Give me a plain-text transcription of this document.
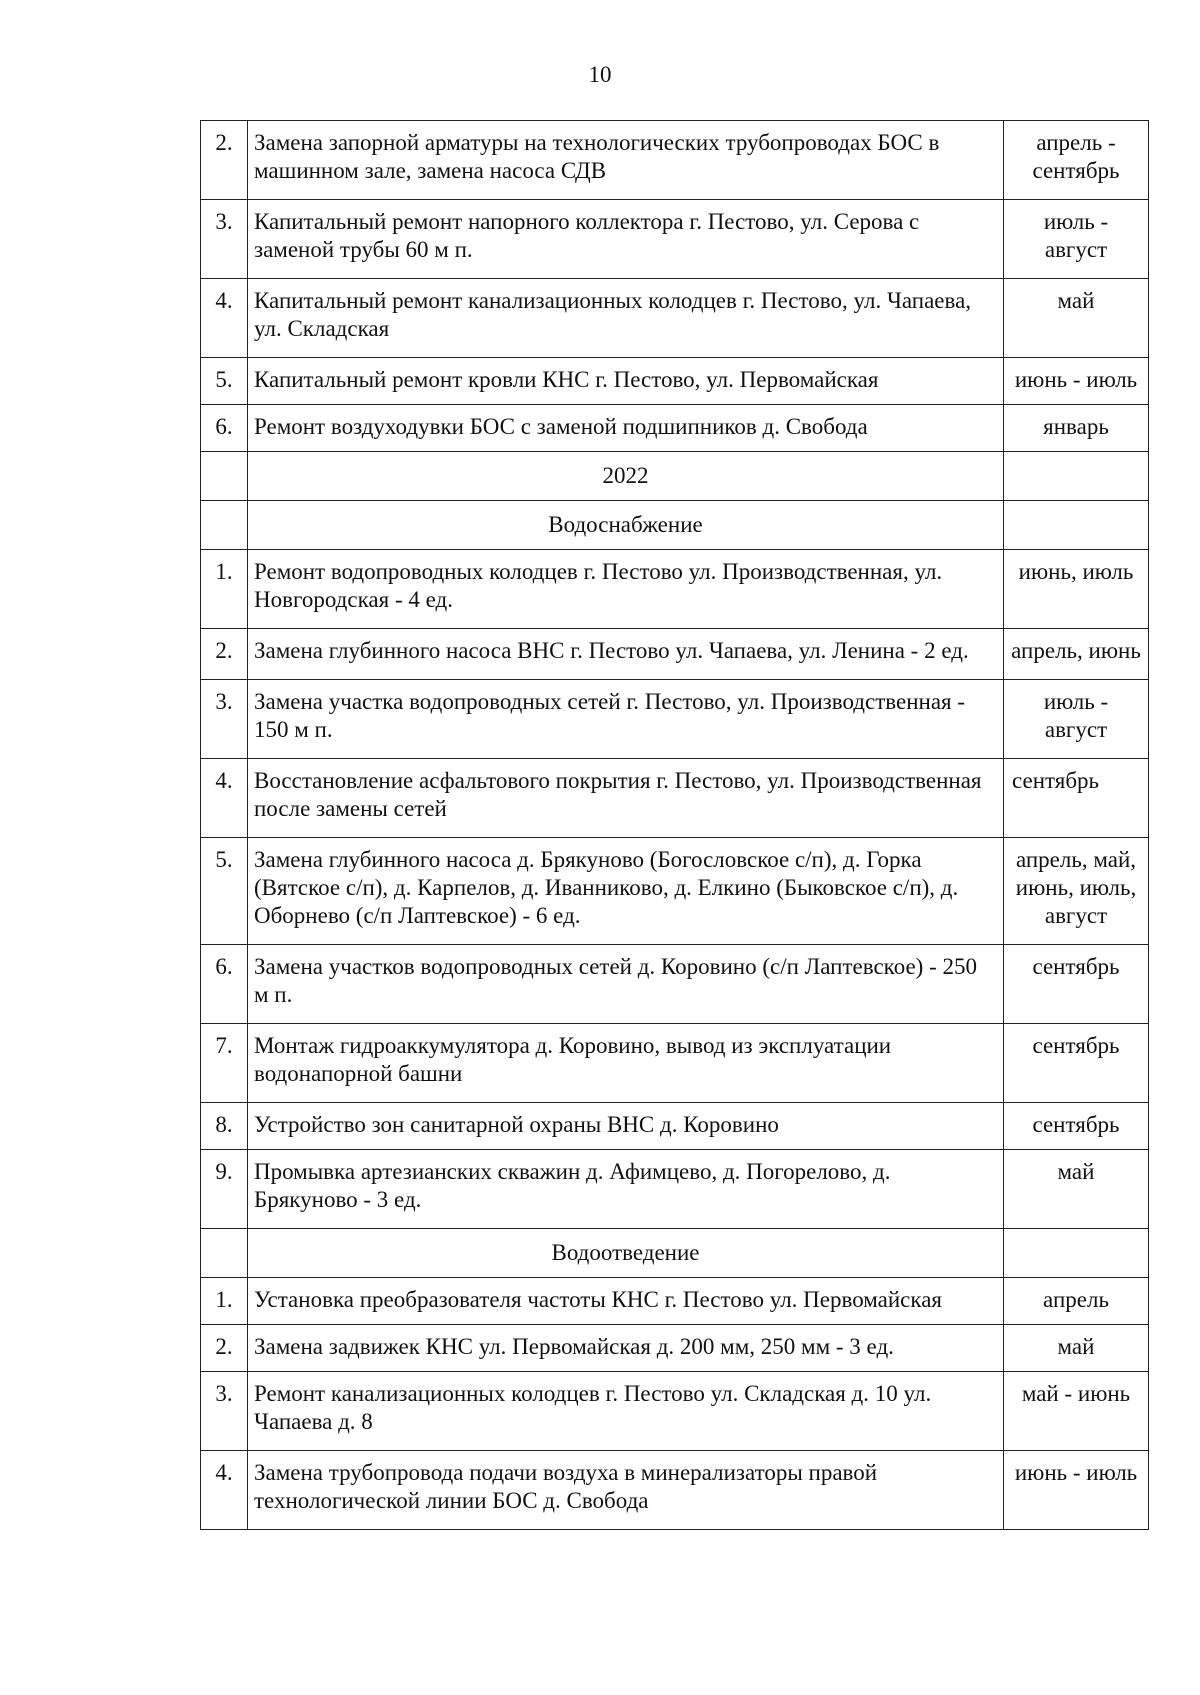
10
2.	Замена запорной арматуры на технологических трубопроводах БОС в машинном зале, замена насоса СДВ	апрель - сентябрь
3.	Капитальный ремонт напорного коллектора г. Пестово, ул. Серова с заменой трубы 60 м п.	июль - август
4.	Капитальный ремонт канализационных колодцев г. Пестово, ул. Чапаева, ул. Складская	май
5.	Капитальный ремонт кровли КНС г. Пестово, ул. Первомайская	июнь - июль
6.	Ремонт воздуходувки БОС с заменой подшипников д. Свобода	январь
	2022	
	Водоснабжение	
1.	Ремонт водопроводных колодцев г. Пестово ул. Производственная, ул. Новгородская - 4 ед.	июнь, июль
2.	Замена глубинного насоса ВНС г. Пестово ул. Чапаева, ул. Ленина - 2 ед.	апрель, июнь
3.	Замена участка водопроводных сетей г. Пестово, ул. Производственная - 150 м п.	июль - август
4.	Восстановление асфальтового покрытия г. Пестово, ул. Производственная после замены сетей	сентябрь
5.	Замена глубинного насоса д. Брякуново (Богословское с/п), д. Горка (Вятское с/п), д. Карпелов, д. Иванниково, д. Елкино (Быковское с/п), д. Оборнево (с/п Лаптевское) - 6 ед.	апрель, май, июнь, июль, август
6.	Замена участков водопроводных сетей д. Коровино (с/п Лаптевское) - 250 м п.	сентябрь
7.	Монтаж гидроаккумулятора д. Коровино, вывод из эксплуатации водонапорной башни	сентябрь
8.	Устройство зон санитарной охраны ВНС д. Коровино	сентябрь
9.	Промывка артезианских скважин д. Афимцево, д. Погорелово, д. Брякуново - 3 ед.	май
	Водоотведение	
1.	Установка преобразователя частоты КНС г. Пестово ул. Первомайская	апрель
2.	Замена задвижек КНС ул. Первомайская д. 200 мм, 250 мм - 3 ед.	май
3.	Ремонт канализационных колодцев г. Пестово ул. Складская д. 10 ул. Чапаева д. 8	май - июнь
4.	Замена трубопровода подачи воздуха в минерализаторы правой технологической линии БОС д. Свобода	июнь - июль
